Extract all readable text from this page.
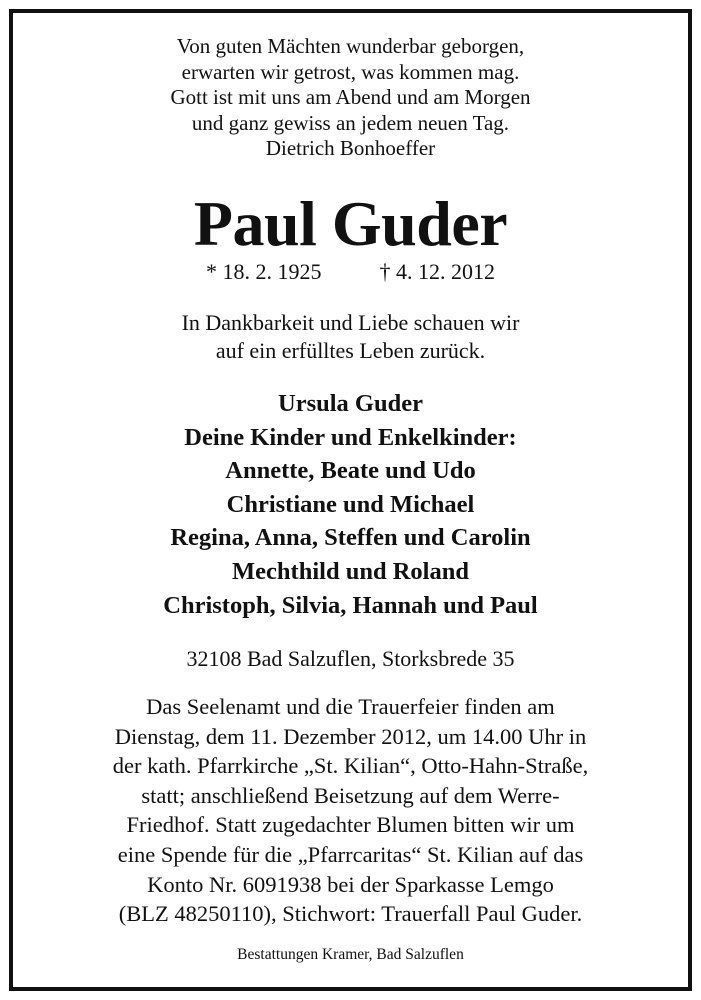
Von guten Mächten wunderbar geborgen,
erwarten wir getrost, was kommen mag.
Gott ist mit uns am Abend und am Morgen
und ganz gewiss an jedem neuen Tag.
Dietrich Bonhoeffer
Paul Guder
* 18. 2. 1925	† 4. 12. 2012
In Dankbarkeit und Liebe schauen wir
auf ein erfülltes Leben zurück.
Ursula Guder
Deine Kinder und Enkelkinder:
Annette, Beate und Udo
Christiane und Michael
Regina, Anna, Steffen und Carolin
Mechthild und Roland
Christoph, Silvia, Hannah und Paul
32108 Bad Salzuflen, Storksbrede 35
Das Seelenamt und die Trauerfeier finden am
Dienstag, dem 11. Dezember 2012, um 14.00 Uhr in
der kath. Pfarrkirche „St. Kilian“, Otto-Hahn-Straße,
statt; anschließend Beisetzung auf dem Werre-
Friedhof. Statt zugedachter Blumen bitten wir um
eine Spende für die „Pfarrcaritas“ St. Kilian auf das
Konto Nr. 6091938 bei der Sparkasse Lemgo
(BLZ 48250110), Stichwort: Trauerfall Paul Guder.
Bestattungen Kramer, Bad Salzuflen
